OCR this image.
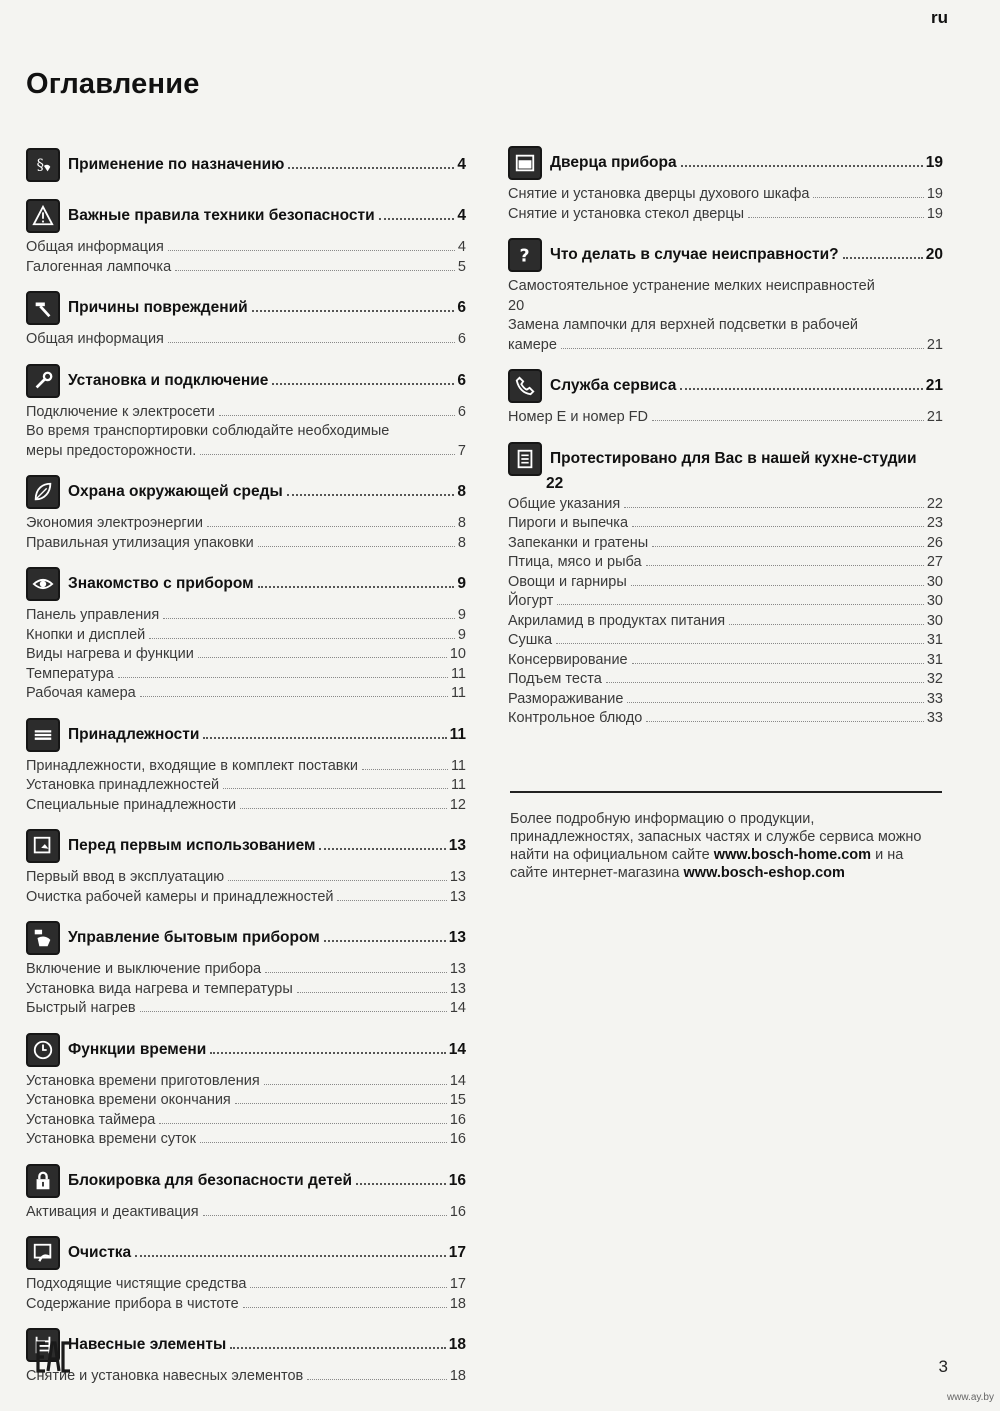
ru
Оглавление
§ Применение по назначению	4
Важные правила техники безопасности	4
Общая информация	4
Галогенная лампочка	5
Причины повреждений	6
Общая информация	6
Установка и подключение	6
Подключение к электросети	6
Во время транспортировки соблюдайте необходимые
меры предосторожности.	7
Охрана окружающей среды	8
Экономия электроэнергии	8
Правильная утилизация упаковки	8
Знакомство с прибором	9
Панель управления	9
Кнопки и дисплей	9
Виды нагрева и функции	10
Температура	11
Рабочая камера	11
Принадлежности	11
Принадлежности, входящие в комплект поставки	11
Установка принадлежностей	11
Специальные принадлежности	12
Перед первым использованием	13
Первый ввод в эксплуатацию	13
Очистка рабочей камеры и принадлежностей	13
Управление бытовым прибором	13
Включение и выключение прибора	13
Установка вида нагрева и температуры	13
Быстрый нагрев	14
Функции времени	14
Установка времени приготовления	14
Установка времени окончания	15
Установка таймера	16
Установка времени суток	16
Блокировка для безопасности детей	16
Активация и деактивация	16
Очистка	17
Подходящие чистящие средства	17
Содержание прибора в чистоте	18
Навесные элементы	18
Снятие и установка навесных элементов	18
Дверца прибора	19
Снятие и установка дверцы духового шкафа	19
Снятие и установка стекол дверцы	19
? Что делать в случае неисправности?	20
Самостоятельное устранение мелких неисправностей
20
Замена лампочки для верхней подсветки в рабочей
камере	21
Служба сервиса	21
Номер E и номер FD	21
Протестировано для Вас в нашей кухне-студии
22
Общие указания	22
Пироги и выпечка	23
Запеканки и гратены	26
Птица, мясо и рыба	27
Овощи и гарниры	30
Йогурт	30
Акриламид в продуктах питания	30
Сушка	31
Консервирование	31
Подъем теста	32
Размораживание	33
Контрольное блюдо	33
Более подробную информацию о продукции, принадлежностях, запасных частях и службе сервиса можно найти на официальном сайте www.bosch-home.com и на сайте интернет-магазина www.bosch-eshop.com
3
www.ay.by
